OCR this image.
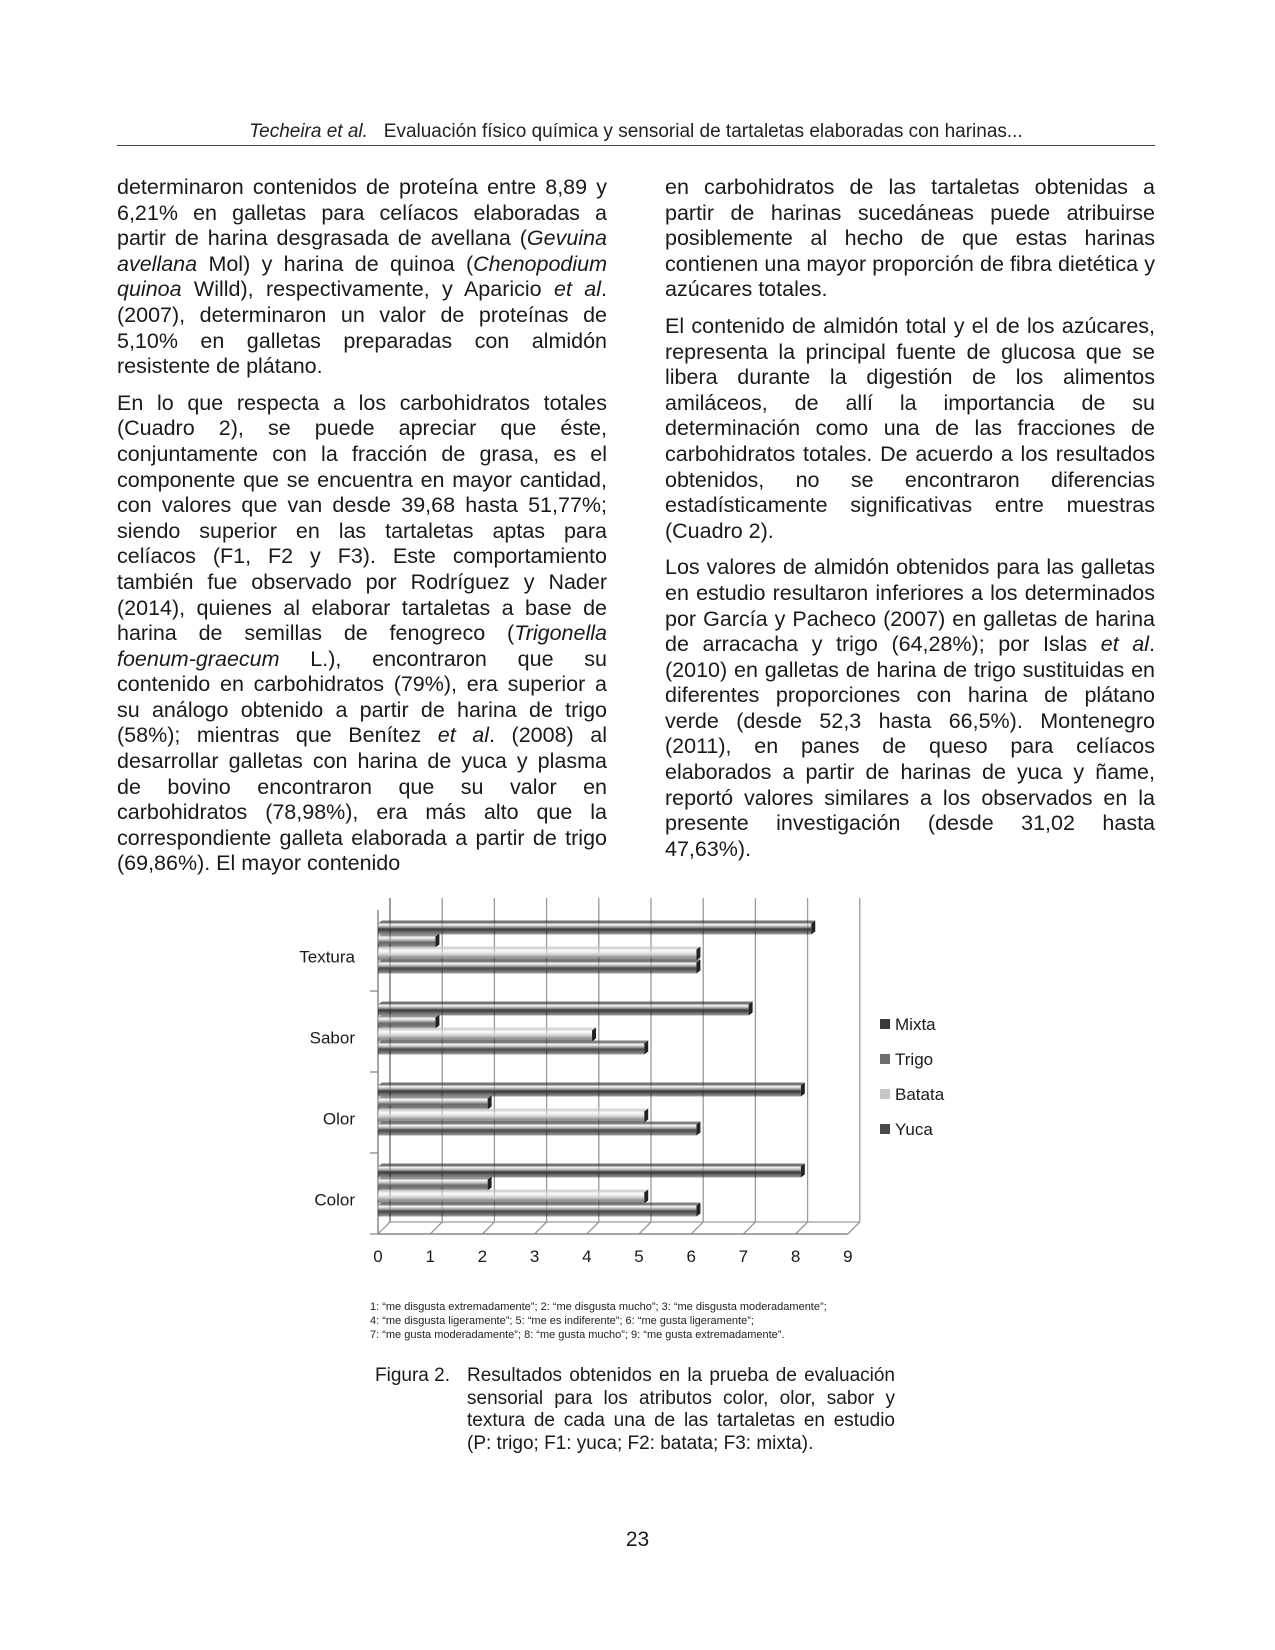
Techeira et al. Evaluación físico química y sensorial de tartaletas elaboradas con harinas...

determinaron contenidos de proteína entre 8,89 y 6,21% en galletas para celíacos elaboradas a partir de harina desgrasada de avellana (Gevuina avellana Mol) y harina de quinoa (Chenopodium quinoa Willd), respectivamente, y Aparicio et al. (2007), determinaron un valor de proteínas de 5,10% en galletas preparadas con almidón resistente de plátano.

En lo que respecta a los carbohidratos totales (Cuadro 2), se puede apreciar que éste, conjuntamente con la fracción de grasa, es el componente que se encuentra en mayor cantidad, con valores que van desde 39,68 hasta 51,77%; siendo superior en las tartaletas aptas para celíacos (F1, F2 y F3). Este comportamiento también fue observado por Rodríguez y Nader (2014), quienes al elaborar tartaletas a base de harina de semillas de fenogreco (Trigonella foenum-graecum L.), encontraron que su contenido en carbohidratos (79%), era superior a su análogo obtenido a partir de harina de trigo (58%); mientras que Benítez et al. (2008) al desarrollar galletas con harina de yuca y plasma de bovino encontraron que su valor en carbohidratos (78,98%), era más alto que la correspondiente galleta elaborada a partir de trigo (69,86%). El mayor contenido

en carbohidratos de las tartaletas obtenidas a partir de harinas sucedáneas puede atribuirse posiblemente al hecho de que estas harinas contienen una mayor proporción de fibra dietética y azúcares totales.

El contenido de almidón total y el de los azúcares, representa la principal fuente de glucosa que se libera durante la digestión de los alimentos amiláceos, de allí la importancia de su determinación como una de las fracciones de carbohidratos totales. De acuerdo a los resultados obtenidos, no se encontraron diferencias estadísticamente significativas entre muestras (Cuadro 2).

Los valores de almidón obtenidos para las galletas en estudio resultaron inferiores a los determinados por García y Pacheco (2007) en galletas de harina de arracacha y trigo (64,28%); por Islas et al. (2010) en galletas de harina de trigo sustituidas en diferentes proporciones con harina de plátano verde (desde 52,3 hasta 66,5%). Montenegro (2011), en panes de queso para celíacos elaborados a partir de harinas de yuca y ñame, reportó valores similares a los observados en la presente investigación (desde 31,02 hasta 47,63%).

0	1	2	3	4	5	6	7	8	9
Color
Olor
Sabor
Textura
Mixta
Trigo
Batata
Yuca
1: “me disgusta extremadamente”; 2: “me disgusta mucho”; 3: “me disgusta moderadamente”;
4: “me disgusta ligeramente”; 5: “me es indiferente”; 6: “me gusta ligeramente”;
7: “me gusta moderadamente”; 8: “me gusta mucho”; 9: “me gusta extremadamente”.
Figura 2. Resultados obtenidos en la prueba de evaluación sensorial para los atributos color, olor, sabor y textura de cada una de las tartaletas en estudio (P: trigo; F1: yuca; F2: batata; F3: mixta).
23
